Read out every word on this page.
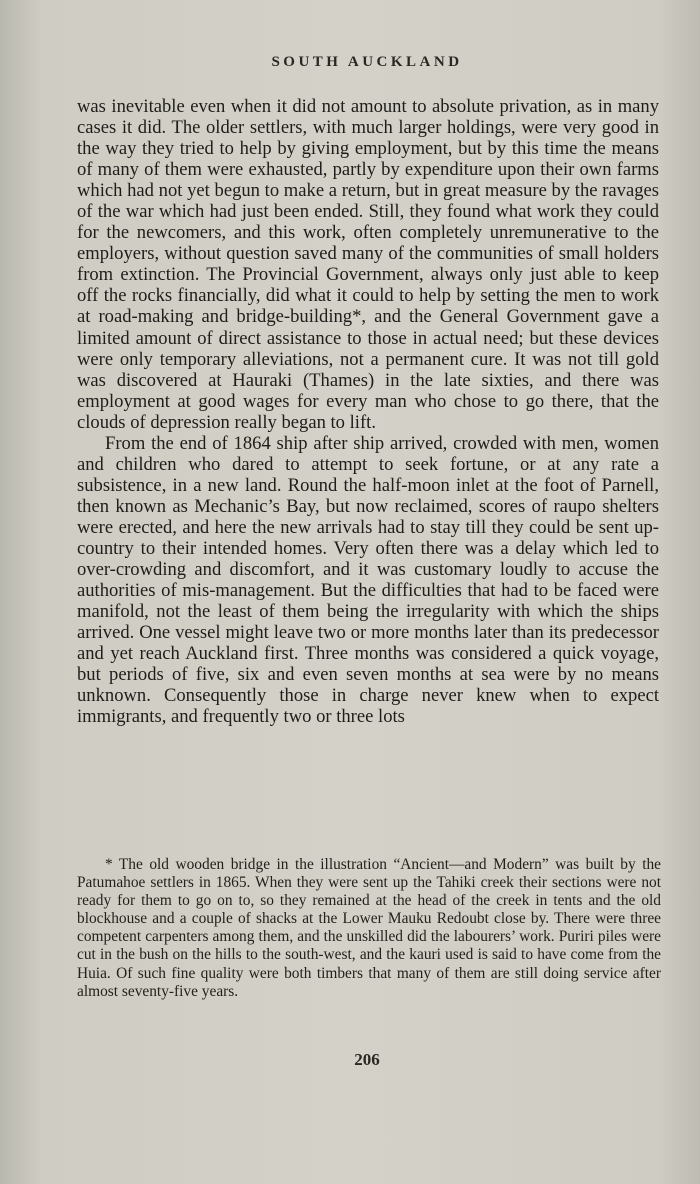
SOUTH AUCKLAND

was inevitable even when it did not amount to absolute privation, as in many cases it did. The older settlers, with much larger holdings, were very good in the way they tried to help by giving employment, but by this time the means of many of them were exhausted, partly by expenditure upon their own farms which had not yet begun to make a return, but in great measure by the ravages of the war which had just been ended. Still, they found what work they could for the newcomers, and this work, often completely unremunerative to the employers, without question saved many of the communities of small holders from extinction. The Provincial Government, always only just able to keep off the rocks financially, did what it could to help by setting the men to work at road-making and bridge-building*, and the General Government gave a limited amount of direct assistance to those in actual need; but these devices were only temporary alleviations, not a permanent cure. It was not till gold was discovered at Hauraki (Thames) in the late sixties, and there was employment at good wages for every man who chose to go there, that the clouds of depression really began to lift.

From the end of 1864 ship after ship arrived, crowded with men, women and children who dared to attempt to seek fortune, or at any rate a subsistence, in a new land. Round the half-moon inlet at the foot of Parnell, then known as Mechanic’s Bay, but now reclaimed, scores of raupo shelters were erected, and here the new arrivals had to stay till they could be sent up-country to their intended homes. Very often there was a delay which led to over-crowding and discomfort, and it was customary loudly to accuse the authorities of mis-management. But the difficulties that had to be faced were manifold, not the least of them being the irregularity with which the ships arrived. One vessel might leave two or more months later than its predecessor and yet reach Auckland first. Three months was considered a quick voyage, but periods of five, six and even seven months at sea were by no means unknown. Consequently those in charge never knew when to expect immigrants, and frequently two or three lots

* The old wooden bridge in the illustration “Ancient—and Modern” was built by the Patumahoe settlers in 1865. When they were sent up the Tahiki creek their sections were not ready for them to go on to, so they remained at the head of the creek in tents and the old blockhouse and a couple of shacks at the Lower Mauku Redoubt close by. There were three competent carpenters among them, and the unskilled did the labourers’ work. Puriri piles were cut in the bush on the hills to the south-west, and the kauri used is said to have come from the Huia. Of such fine quality were both timbers that many of them are still doing service after almost seventy-five years.

206
